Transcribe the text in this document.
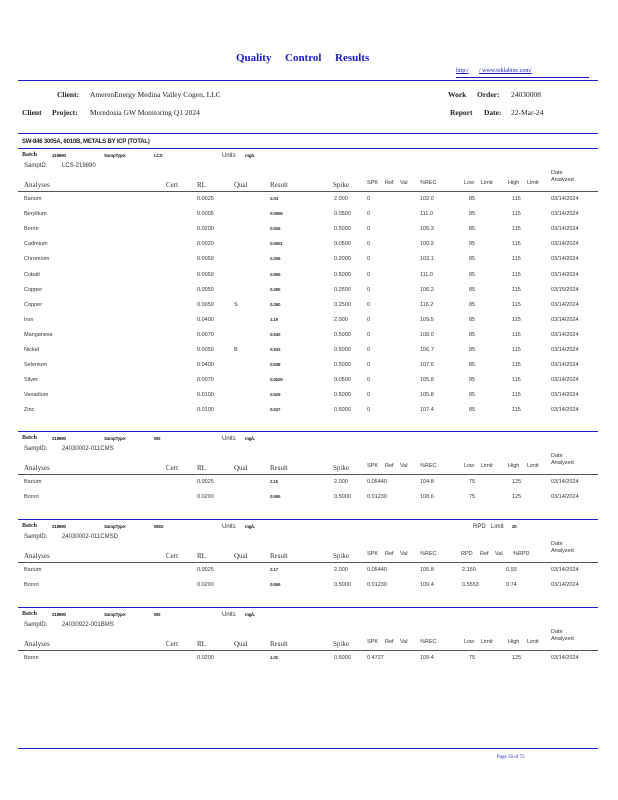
Quality Control Results
http:/ / www.teklabinc.com/
Client: AmerenEnergy Medina Valley Cogen, LLC
Client Project: Meredosia GW Monitoring Q1 2024
Work Order: 24030008
Report Date: 22-Mar-24
SW-846 3005A, 6010B, METALS BY ICP (TOTAL)
Batch	219890	SampType:	LCS	Units mg/L
SampID: LCS-219890
Analyses	Cert	RL	Qual	Result	Spike	SPK Ref Val %REC	Low Limit	High Limit
Date
Analyzed
Barium	0.0025	2.04	2.000	0	102.0	85	115	03/14/2024
Beryllium	0.0005	0.0555	0.0500	0	111.0	85	115	03/14/2024
Boron	0.0200	0.526	0.5000	0	105.3	85	115	03/14/2024
Cadmium	0.0020	0.0501	0.0500	0	100.2	85	115	03/14/2024
Chromium	0.0050	0.206	0.2000	0	103.1	85	115	03/14/2024
Cobalt	0.0050	0.555	0.5000	0	111.0	85	115	03/14/2024
Copper	0.0050	0.265	0.2500	0	106.2	85	115	03/15/2024
Copper	0.0050	S	0.290	0.2500	0	116.2	85	115	03/14/2024
Iron	0.0400	2.19	2.000	0	109.5	85	115	03/14/2024
Manganese	0.0070	0.540	0.5000	0	108.0	85	115	03/14/2024
Nickel	0.0050	B	0.533	0.5000	0	106.7	85	115	03/14/2024
Selenium	0.0400	0.538	0.5000	0	107.6	85	115	03/14/2024
Silver	0.0070	0.0529	0.0500	0	105.8	85	115	03/14/2024
Vanadium	0.0100	0.529	0.5000	0	105.8	85	115	03/14/2024
Zinc	0.0100	0.537	0.5000	0	107.4	85	115	03/14/2024
Batch	219890	SampType:	MS	Units mg/L
SampID: 24030002-011CMS
Analyses	Cert	RL	Qual	Result	Spike	SPK Ref Val %REC	Low Limit	High Limit
Date
Analyzed
Barium	0.0025	2.15	2.000	0.05440	104.8	75	125	03/14/2024
Boron	0.0200	0.555	0.5000	0.01230	108.6	75	125	03/14/2024
Batch	219890	SampType:	MSD	Units mg/L
SampID: 24030002-011CMSD
RPD Limit 20
Analyses	Cert	RL	Qual	Result	Spike	SPK Ref Val %REC	RPD Ref Val %RPD
Date
Analyzed
Barium	0.0025	2.17	2.000	0.05440	105.8	2.150	0.93	03/14/2024
Boron	0.0200	0.559	0.5000	0.01230	109.4	0.5553	0.74	03/14/2024
Batch	219890	SampType:	MS	Units mg/L
SampID: 24030922-001BMS
Analyses	Cert	RL	Qual	Result	Spike	SPK Ref Val %REC	Low Limit	High Limit
Date
Analyzed
Boron	0.0200	1.02	0.5000	0.4727	109.4	75	125	03/14/2024
Page 56 of 72
